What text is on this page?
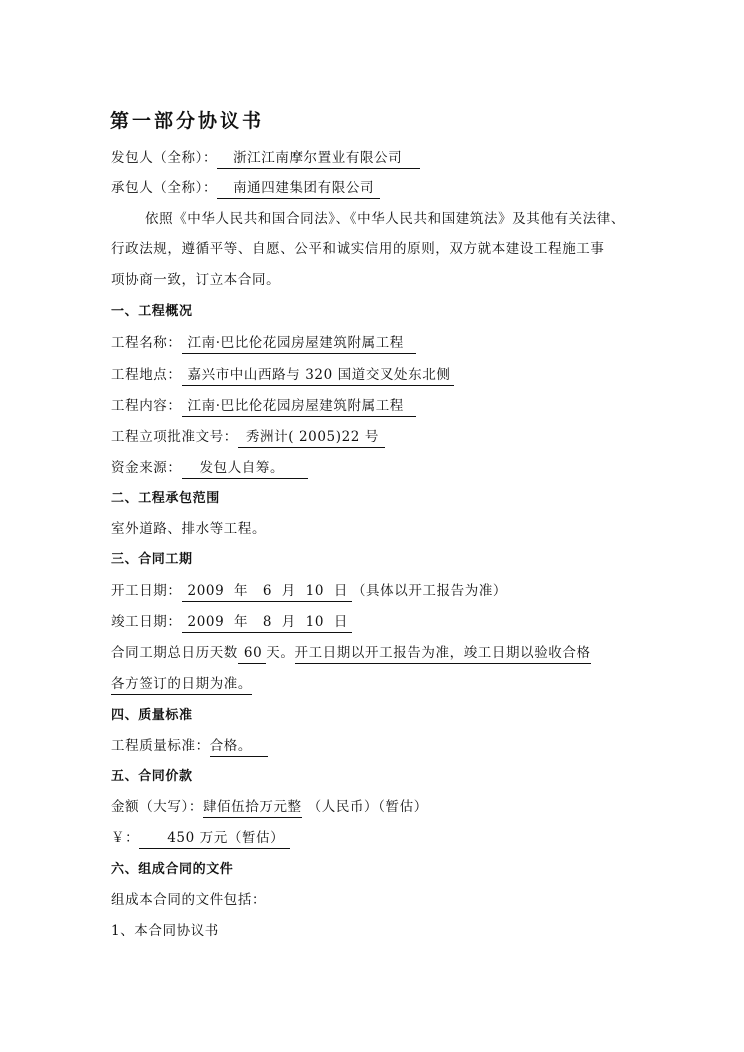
第一部分协议书
发包人（全称）： 浙江江南摩尔置业有限公司
承包人（全称）： 南通四建集团有限公司
依照《中华人民共和国合同法》、《中华人民共和国建筑法》及其他有关法律、
行政法规，遵循平等、自愿、公平和诚实信用的原则，双方就本建设工程施工事
项协商一致，订立本合同。
一、工程概况
工程名称： 江南·巴比伦花园房屋建筑附属工程
工程地点： 嘉兴市中山西路与 320 国道交叉处东北侧
工程内容： 江南·巴比伦花园房屋建筑附属工程
工程立项批准文号： 秀洲计( 2005)22 号
资金来源： 发包人自筹。
二、工程承包范围
室外道路、排水等工程。
三、合同工期
开工日期： 2009  年   6  月  10  日 （具体以开工报告为准）
竣工日期： 2009  年   8  月  10  日
合同工期总日历天数 60 天。开工日期以开工报告为准，竣工日期以验收合格
各方签订的日期为准。
四、质量标准
工程质量标准：合格。
五、合同价款
金额（大写）：肆佰伍拾万元整 （人民币）（暂估）
￥： 450 万元（暂估）
六、组成合同的文件
组成本合同的文件包括：
1、本合同协议书
